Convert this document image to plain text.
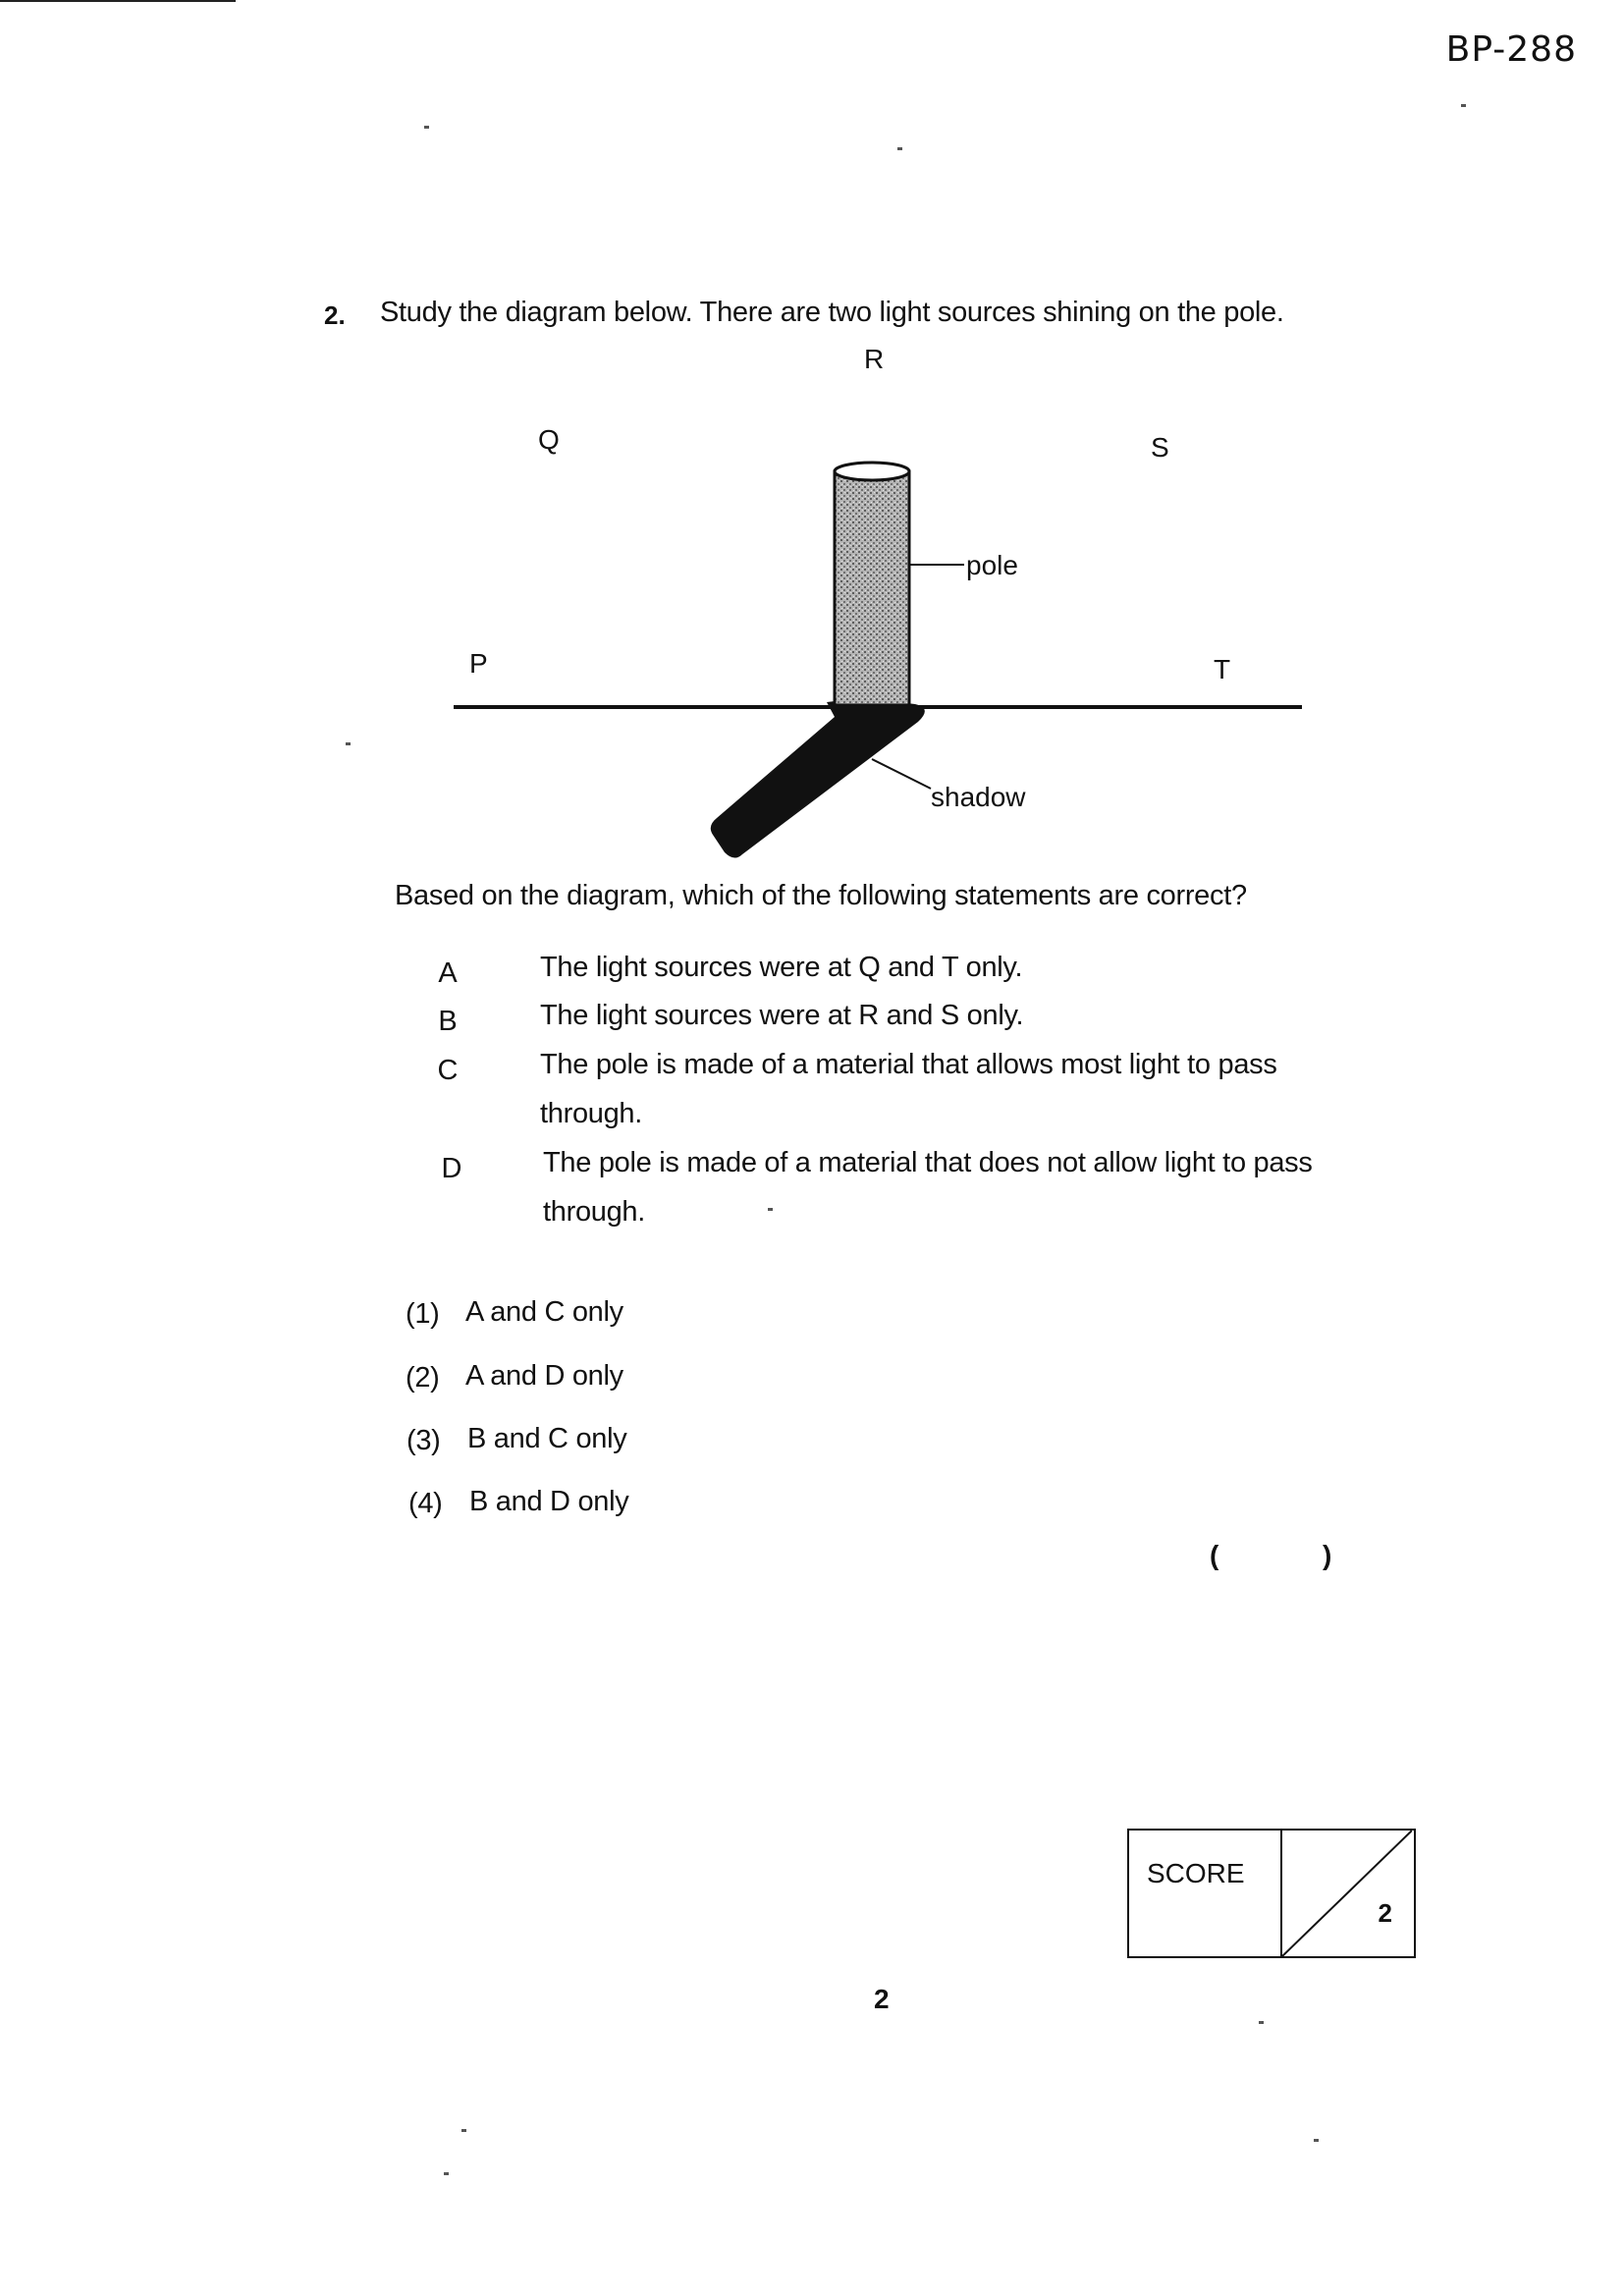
BP-288
2. Study the diagram below. There are two light sources shining on the pole.
R
Q	S
P	T
pole
shadow
Based on the diagram, which of the following statements are correct?
A	The light sources were at Q and T only.
B	The light sources were at R and S only.
C	The pole is made of a material that allows most light to pass through.
D	The pole is made of a material that does not allow light to pass through.
(1) A and C only
(2) A and D only
(3) B and C only
(4) B and D only
(	)
SCORE
2
2
